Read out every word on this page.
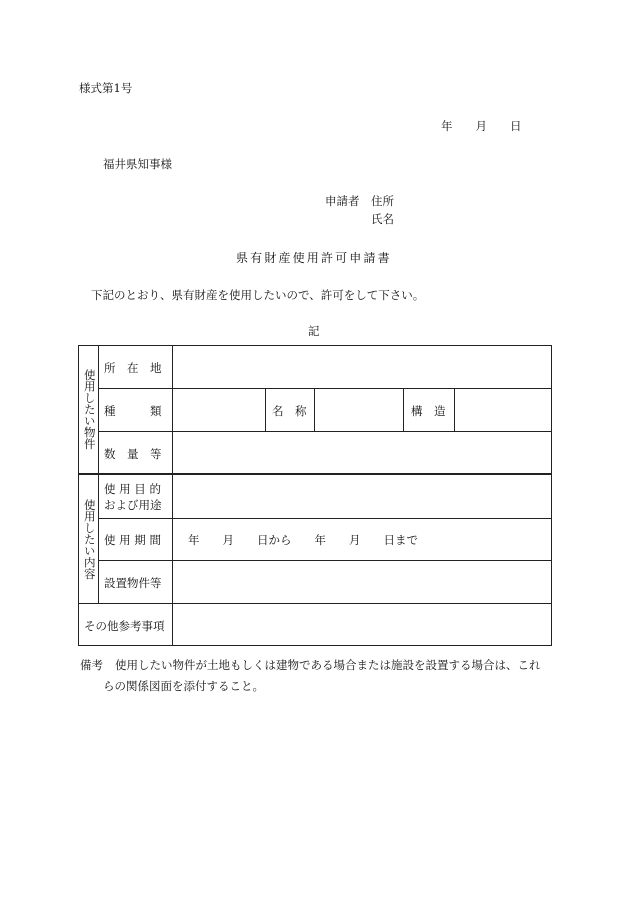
様式第1号
年　　月　　日
福井県知事様
申請者 住所
氏名
県有財産使用許可申請書
下記のとおり、県有財産を使用したいので、許可をして下さい。
記
使用したい物件
使用したい内容
所　在　地
種　　　類	名　称	構　造
数　量　等
使 用 目 的
および用途
使 用 期 間 年　　月　　日から　　年　　月　　日まで
設置物件等
その他参考事項
備考 使用したい物件が土地もしくは建物である場合または施設を設置する場合は、これ
らの関係図面を添付すること。
